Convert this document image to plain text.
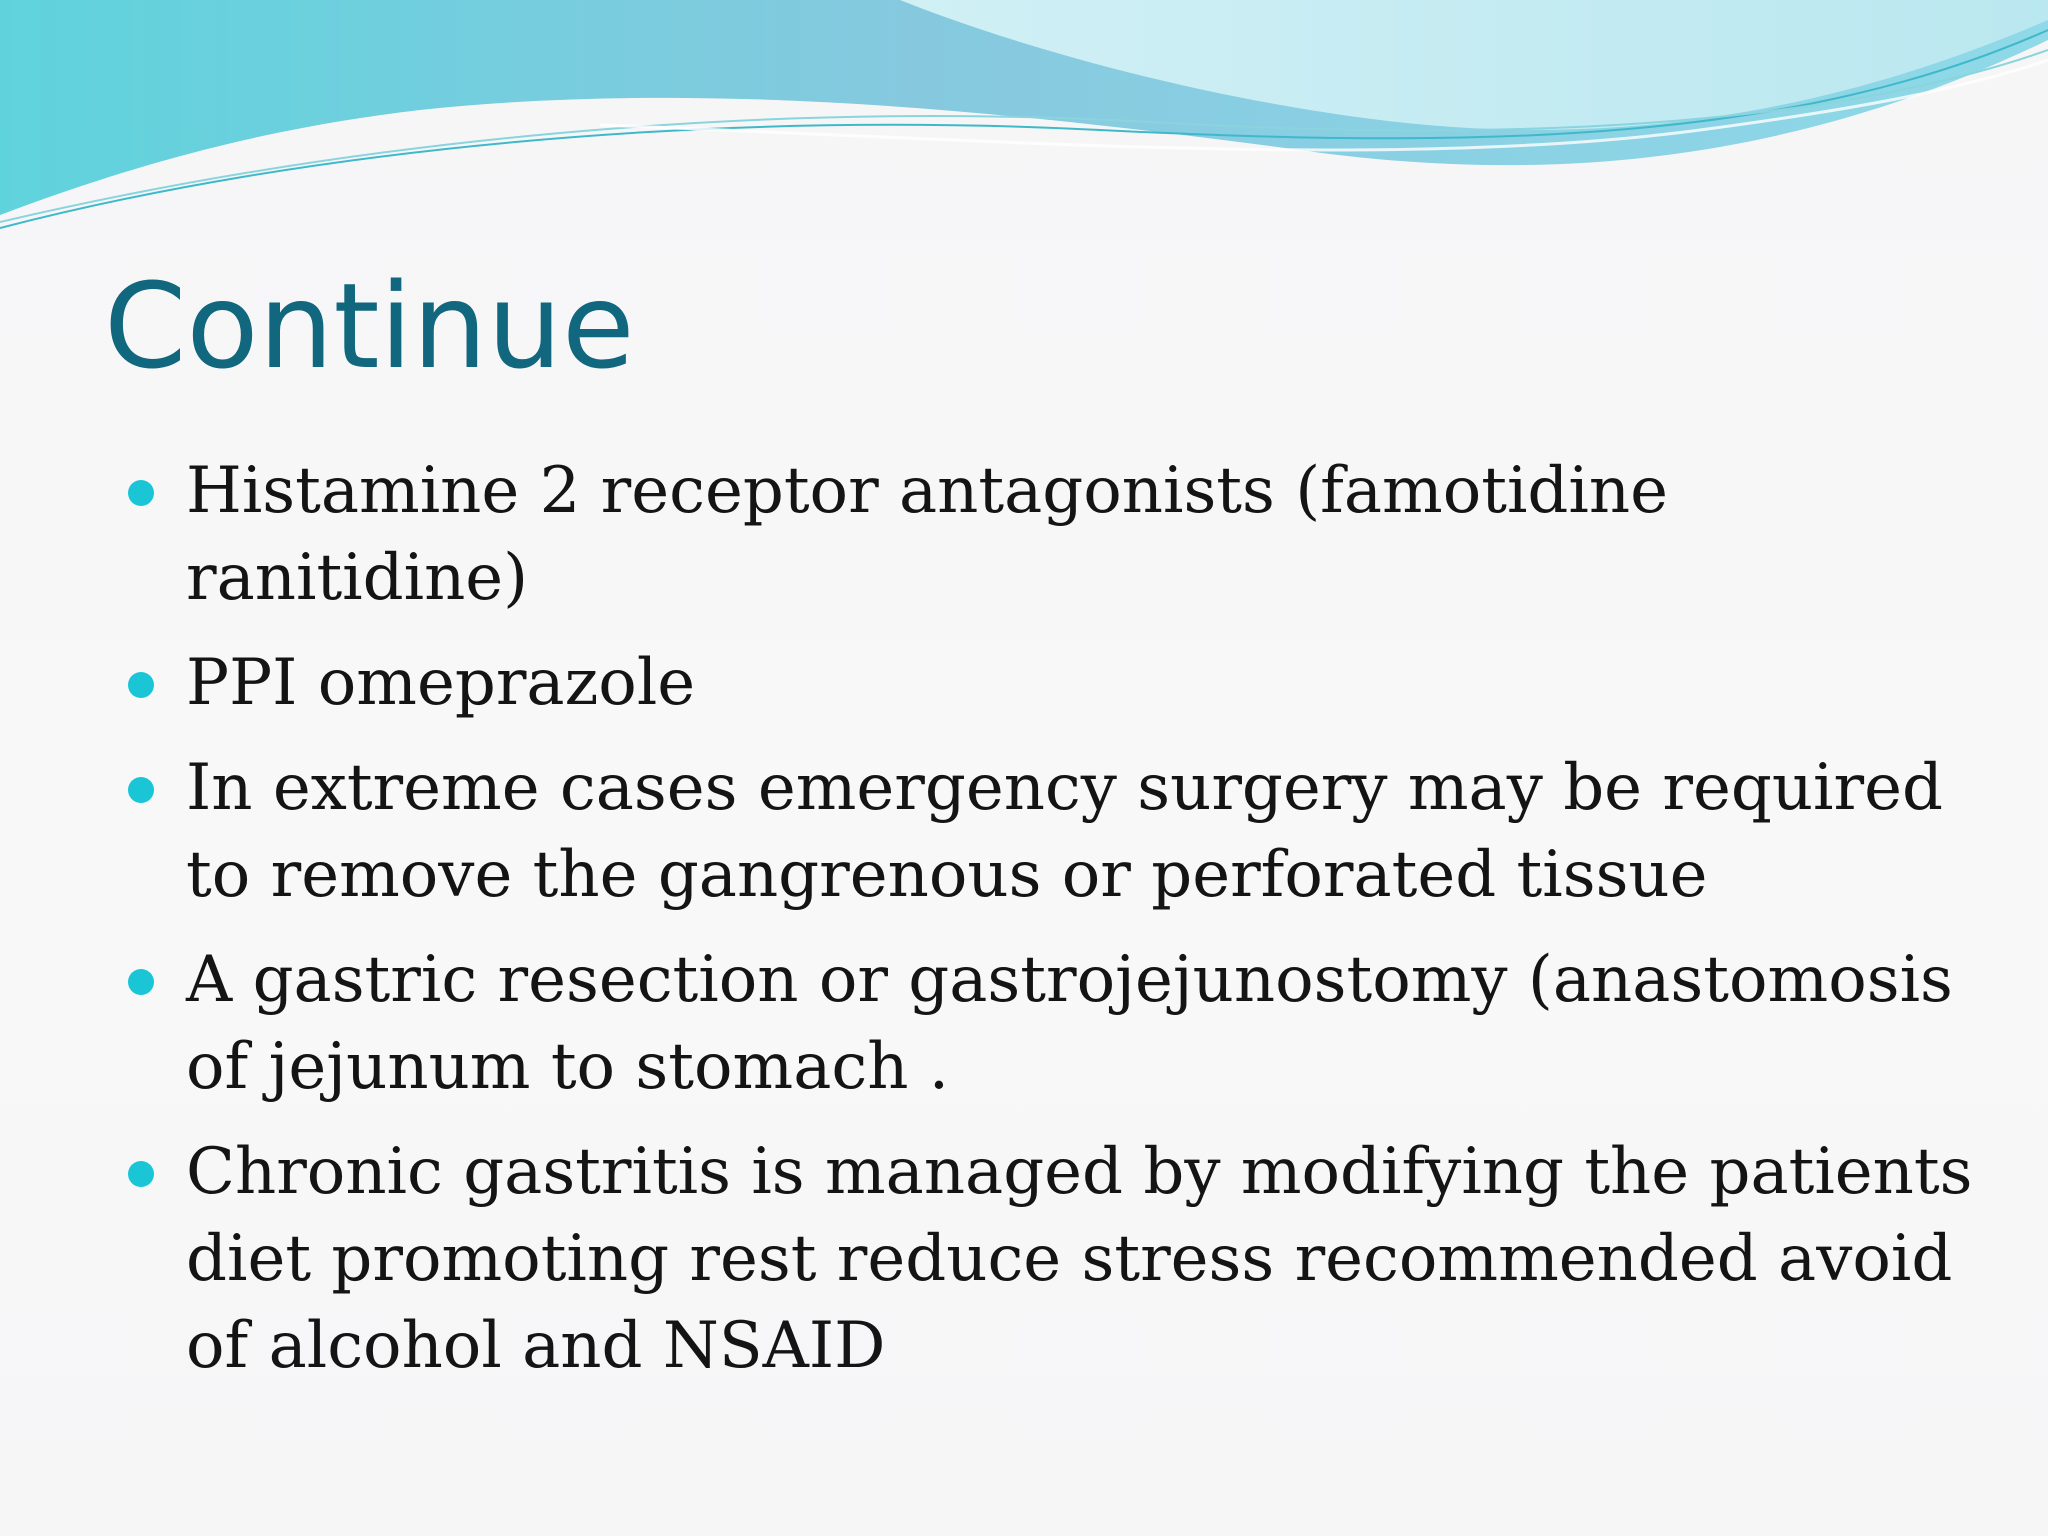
Continue
Histamine 2 receptor antagonists (famotidine ranitidine)
PPI omeprazole
In extreme cases emergency surgery may be required to remove the gangrenous or perforated tissue
A gastric resection or gastrojejunostomy (anastomosis of jejunum to stomach .
Chronic gastritis is managed by modifying the patients diet promoting rest reduce stress recommended avoid of alcohol and NSAID
